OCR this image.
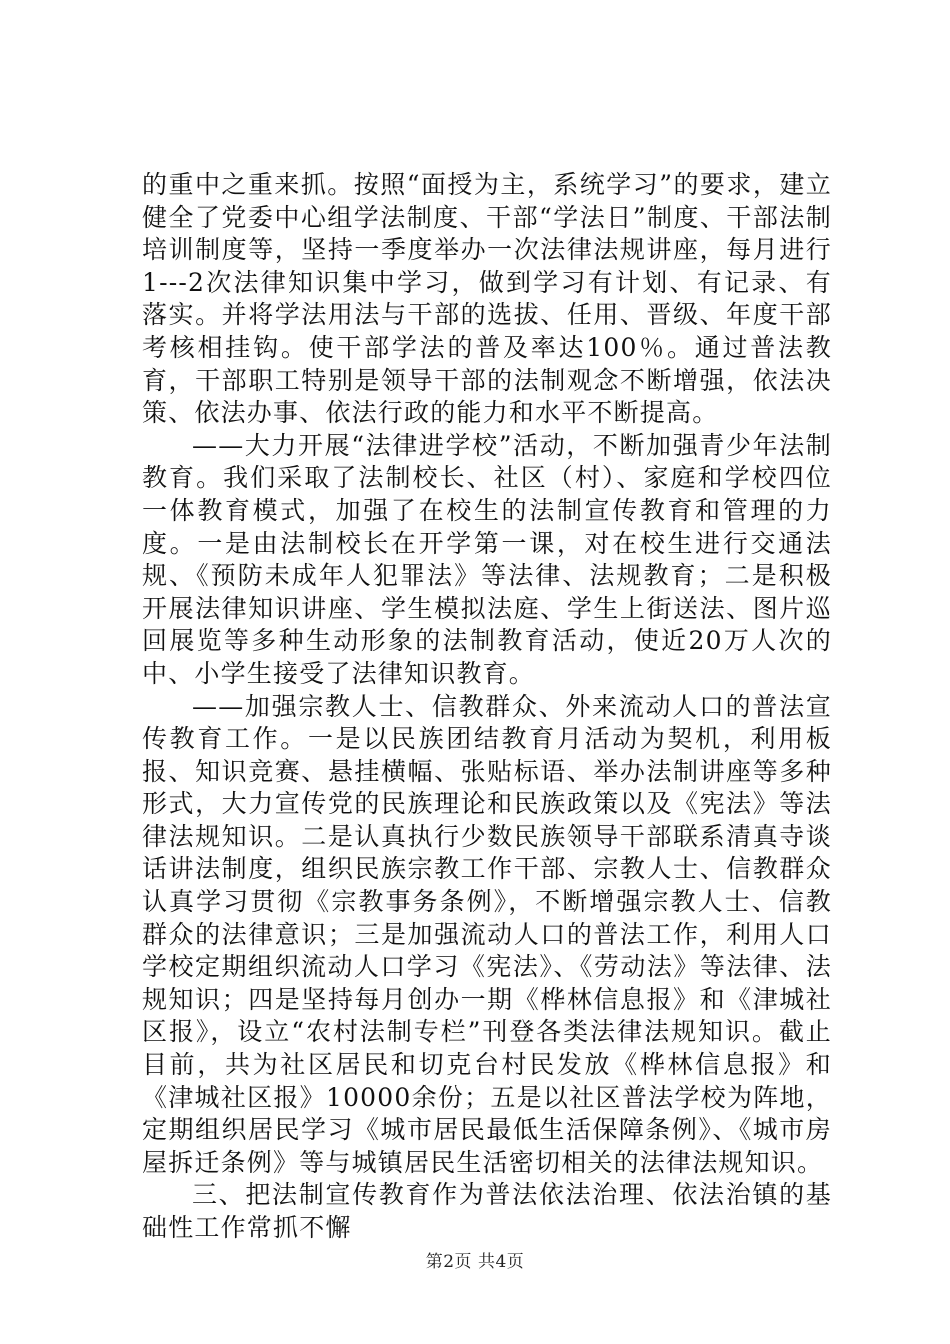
的重中之重来抓。按照“面授为主，系统学习”的要求，建立健全了党委中心组学法制度、干部“学法日”制度、干部法制培训制度等，坚持一季度举办一次法律法规讲座，每月进行1---2次法律知识集中学习，做到学习有计划、有记录、有落实。并将学法用法与干部的选拔、任用、晋级、年度干部考核相挂钩。使干部学法的普及率达100％。通过普法教育，干部职工特别是领导干部的法制观念不断增强，依法决策、依法办事、依法行政的能力和水平不断提高。

——大力开展“法律进学校”活动，不断加强青少年法制教育。我们采取了法制校长、社区（村）、家庭和学校四位一体教育模式，加强了在校生的法制宣传教育和管理的力度。一是由法制校长在开学第一课，对在校生进行交通法规、《预防未成年人犯罪法》等法律、法规教育；二是积极开展法律知识讲座、学生模拟法庭、学生上街送法、图片巡回展览等多种生动形象的法制教育活动，使近20万人次的中、小学生接受了法律知识教育。

——加强宗教人士、信教群众、外来流动人口的普法宣传教育工作。一是以民族团结教育月活动为契机，利用板报、知识竞赛、悬挂横幅、张贴标语、举办法制讲座等多种形式，大力宣传党的民族理论和民族政策以及《宪法》等法律法规知识。二是认真执行少数民族领导干部联系清真寺谈话讲法制度，组织民族宗教工作干部、宗教人士、信教群众认真学习贯彻《宗教事务条例》，不断增强宗教人士、信教群众的法律意识；三是加强流动人口的普法工作，利用人口学校定期组织流动人口学习《宪法》、《劳动法》等法律、法规知识；四是坚持每月创办一期《桦林信息报》和《津城社区报》，设立“农村法制专栏”刊登各类法律法规知识。截止目前，共为社区居民和切克台村民发放《桦林信息报》和《津城社区报》10000余份；五是以社区普法学校为阵地，定期组织居民学习《城市居民最低生活保障条例》、《城市房屋拆迁条例》等与城镇居民生活密切相关的法律法规知识。

三、把法制宣传教育作为普法依法治理、依法治镇的基础性工作常抓不懈

第2页 共4页
